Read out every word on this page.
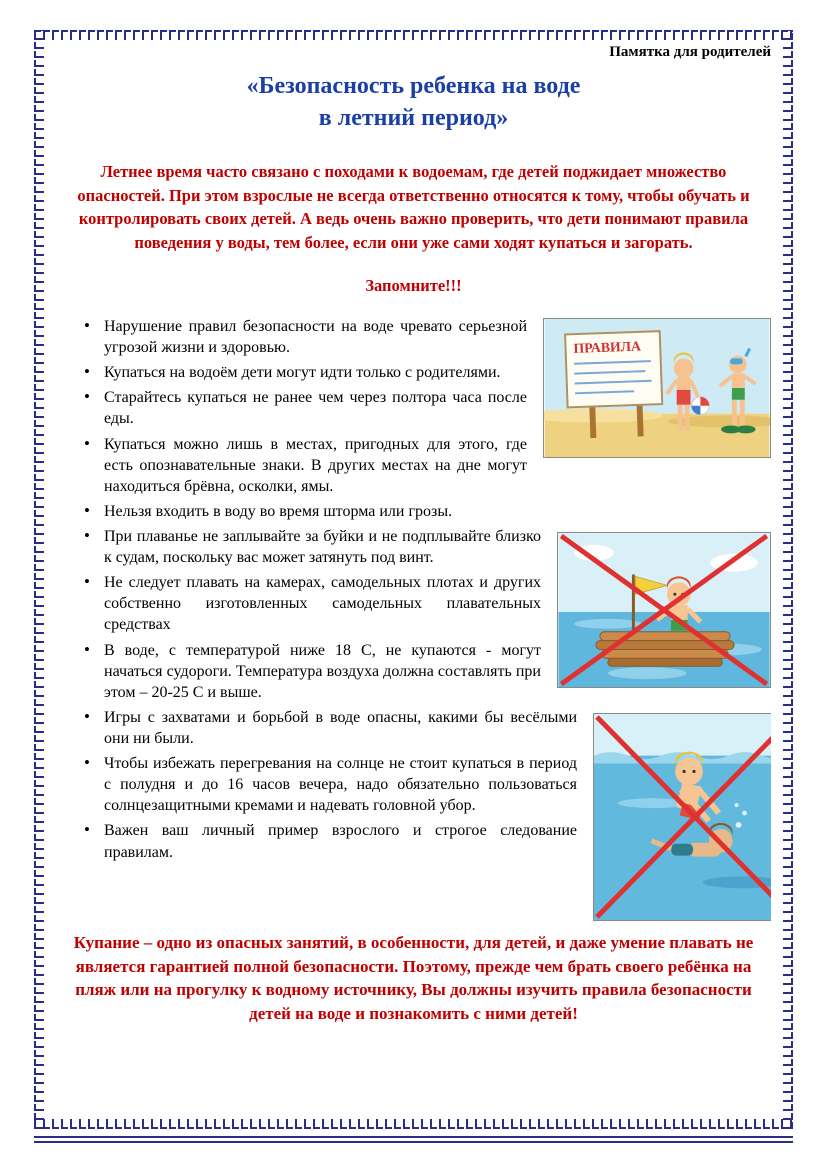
Памятка для родителей
«Безопасность ребенка на воде
в летний период»

Летнее время часто связано с походами к водоемам, где детей поджидает множество опасностей. При этом взрослые не всегда ответственно относятся к тому, чтобы обучать и контролировать своих детей. А ведь очень важно проверить, что дети понимают правила поведения у воды, тем более, если они уже сами ходят купаться и загорать.

Запомните!!!

ПРАВИЛА
• Нарушение правил безопасности на воде чревато серьезной угрозой жизни и здоровью.
• Купаться на водоём дети могут идти только с родителями.
• Старайтесь купаться не ранее чем через полтора часа после еды.
• Купаться можно лишь в местах, пригодных для этого, где есть опознавательные знаки. В других местах на дне могут находиться брёвна, осколки, ямы.
• Нельзя входить в воду во время шторма или грозы.
• При плаванье не заплывайте за буйки и не подплывайте близко к судам, поскольку вас может затянуть под винт.
• Не следует плавать на камерах, самодельных плотах и других собственно изготовленных самодельных плавательных средствах
• В воде, с температурой ниже 18 С, не купаются - могут начаться судороги. Температура воздуха должна составлять при этом – 20-25 С и выше.
• Игры с захватами и борьбой в воде опасны, какими бы весёлыми они ни были.
• Чтобы избежать перегревания на солнце не стоит купаться в период с полудня и до 16 часов вечера, надо обязательно пользоваться солнцезащитными кремами и надевать головной убор.
• Важен ваш личный пример взрослого и строгое следование правилам.

Купание – одно из опасных занятий, в особенности, для детей, и даже умение плавать не является гарантией полной безопасности. Поэтому, прежде чем брать своего ребёнка на пляж или на прогулку к водному источнику, Вы должны изучить правила безопасности детей на воде и познакомить с ними детей!
